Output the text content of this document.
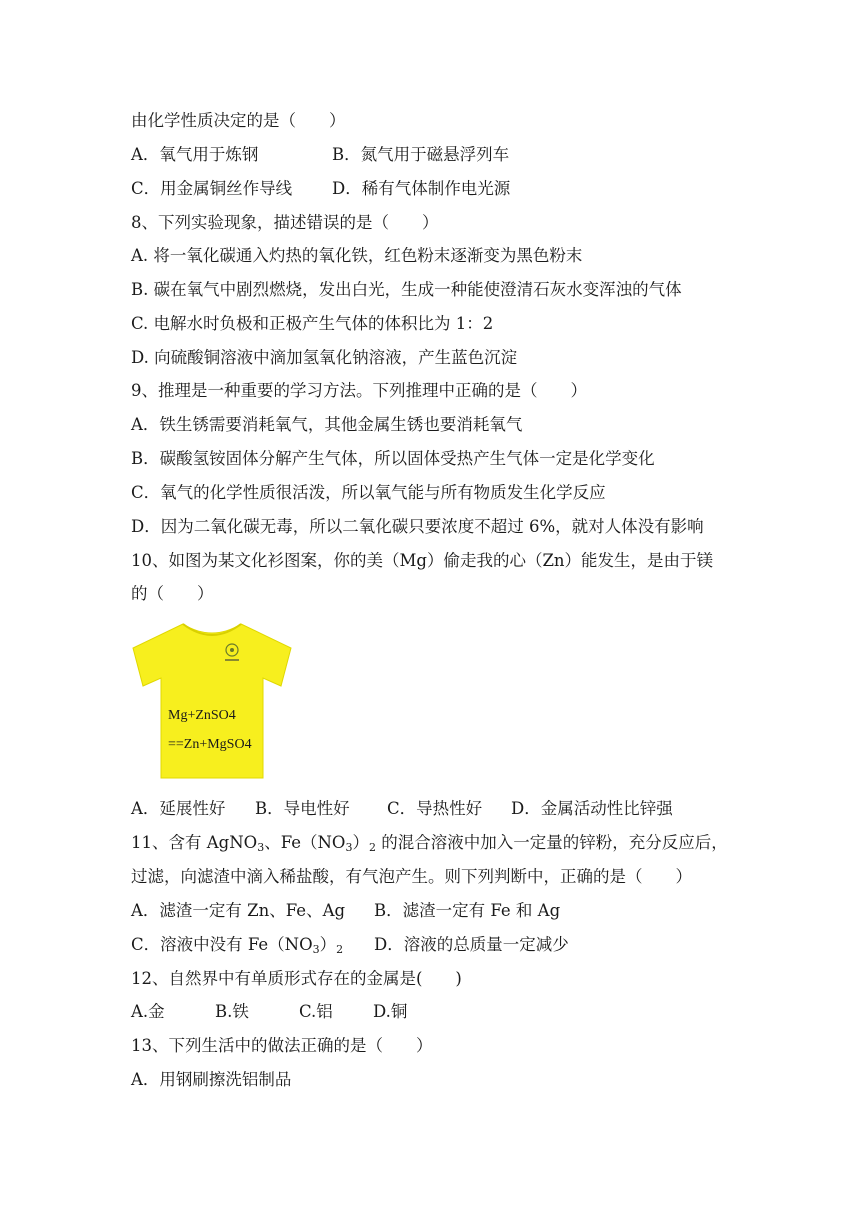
由化学性质决定的是（　　）
A．氧气用于炼钢	B．氮气用于磁悬浮列车
C．用金属铜丝作导线 D．稀有气体制作电光源
8、下列实验现象，描述错误的是（　　）
A. 将一氧化碳通入灼热的氧化铁，红色粉末逐渐变为黑色粉末
B. 碳在氧气中剧烈燃烧，发出白光，生成一种能使澄清石灰水变浑浊的气体
C. 电解水时负极和正极产生气体的体积比为 1：2
D. 向硫酸铜溶液中滴加氢氧化钠溶液，产生蓝色沉淀
9、推理是一种重要的学习方法。下列推理中正确的是（　　）
A．铁生锈需要消耗氧气，其他金属生锈也要消耗氧气
B．碳酸氢铵固体分解产生气体，所以固体受热产生气体一定是化学变化
C．氧气的化学性质很活泼，所以氧气能与所有物质发生化学反应
D．因为二氧化碳无毒，所以二氧化碳只要浓度不超过 6%，就对人体没有影响
10、如图为某文化衫图案，你的美（Mg）偷走我的心（Zn）能发生，是由于镁
的（　　）
Mg+ZnSO4
==Zn+MgSO4
A．延展性好 B．导电性好 C．导热性好 D．金属活动性比锌强
11、含有 AgNO$_3$、$Fe(NO_3)_2$ 的混合溶液中加入一定量的锌粉，充分反应后，
过滤，向滤渣中滴入稀盐酸，有气泡产生。则下列判断中，正确的是（　　）
A．滤渣一定有 Zn、Fe、Ag B．滤渣一定有 Fe 和 Ag
C．溶液中没有 $Fe(NO_3)_2$ D．溶液的总质量一定减少
12、自然界中有单质形式存在的金属是(　　)
A.金	B.铁	C.铝 D.铜
13、下列生活中的做法正确的是（　　）
A．用钢刷擦洗铝制品
